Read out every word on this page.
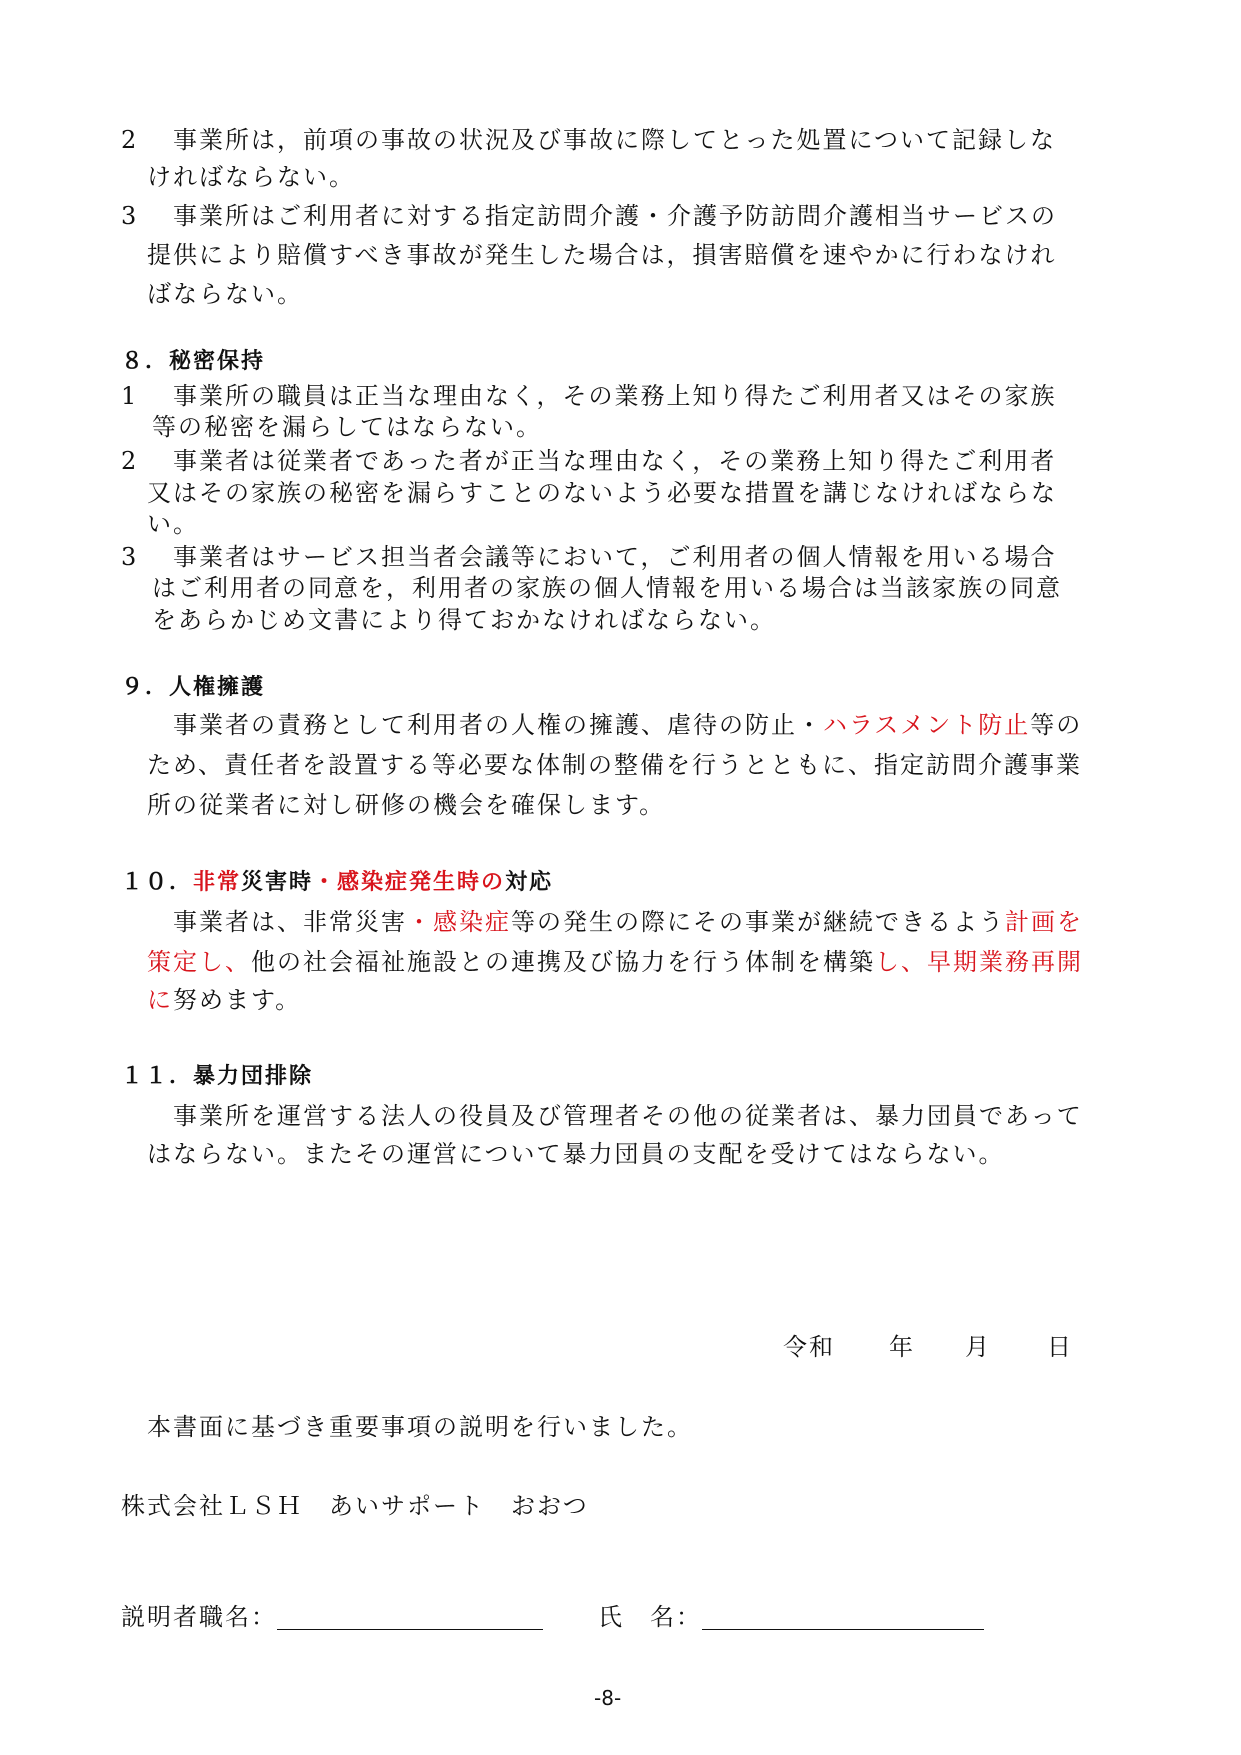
2 事業所は，前項の事故の状況及び事故に際してとった処置について記録しな
ければならない。
3 事業所はご利用者に対する指定訪問介護・介護予防訪問介護相当サービスの
提供により賠償すべき事故が発生した場合は，損害賠償を速やかに行わなけれ
ばならない。
８．秘密保持
1 事業所の職員は正当な理由なく，その業務上知り得たご利用者又はその家族
等の秘密を漏らしてはならない。
2 事業者は従業者であった者が正当な理由なく，その業務上知り得たご利用者
又はその家族の秘密を漏らすことのないよう必要な措置を講じなければならな
い。
3 事業者はサービス担当者会議等において，ご利用者の個人情報を用いる場合
はご利用者の同意を，利用者の家族の個人情報を用いる場合は当該家族の同意
をあらかじめ文書により得ておかなければならない。
９．人権擁護
事業者の責務として利用者の人権の擁護、虐待の防止・ハラスメント防止等の
ため、責任者を設置する等必要な体制の整備を行うとともに、指定訪問介護事業
所の従業者に対し研修の機会を確保します。
１０．非常災害時・感染症発生時の対応
事業者は、非常災害・感染症等の発生の際にその事業が継続できるよう計画を
策定し、他の社会福祉施設との連携及び協力を行う体制を構築し、早期業務再開
に努めます。
１１．暴力団排除
事業所を運営する法人の役員及び管理者その他の従業者は、暴力団員であって
はならない。またその運営について暴力団員の支配を受けてはならない。
令和 年 月 日
本書面に基づき重要事項の説明を行いました。
株式会社ＬＳＨ　あいサポート　おおつ
説明者職名：	氏　名：
-8-
